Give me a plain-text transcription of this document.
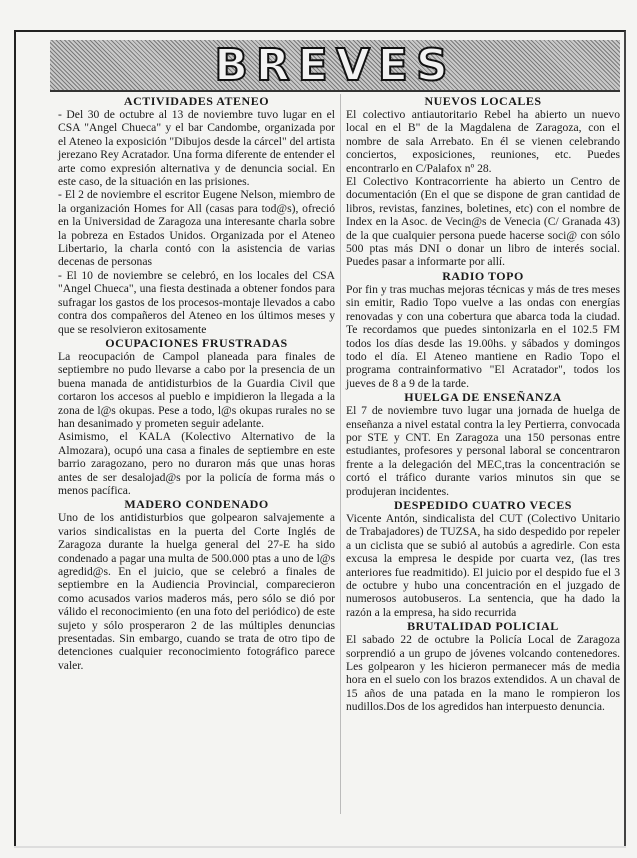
BREVES
ACTIVIDADES ATENEO

- Del 30 de octubre al 13 de noviembre tuvo lugar en el CSA "Angel Chueca" y el bar Candombe, organizada por el Ateneo la exposición "Dibujos desde la cárcel" del artista jerezano Rey Acratador. Una forma diferente de entender el arte como expresión alternativa y de denuncia social. En este caso, de la situación en las prisiones.

- El 2 de noviembre el escritor Eugene Nelson, miembro de la organización Homes for All (casas para tod@s), ofreció en la Universidad de Zaragoza una interesante charla sobre la pobreza en Estados Unidos. Organizada por el Ateneo Libertario, la charla contó con la asistencia de varias decenas de personas

- El 10 de noviembre se celebró, en los locales del CSA "Angel Chueca", una fiesta destinada a obtener fondos para sufragar los gastos de los procesos-montaje llevados a cabo contra dos compañeros del Ateneo en los últimos meses y que se resolvieron exitosamente

OCUPACIONES FRUSTRADAS

La reocupación de Campol planeada para finales de septiembre no pudo llevarse a cabo por la presencia de un buena manada de antidisturbios de la Guardia Civil que cortaron los accesos al pueblo e impidieron la llegada a la zona de l@s okupas. Pese a todo, l@s okupas rurales no se han desanimado y prometen seguir adelante.

Asimismo, el KALA (Kolectivo Alternativo de la Almozara), ocupó una casa a finales de septiembre en este barrio zaragozano, pero no duraron más que unas horas antes de ser desalojad@s por la policía de forma más o menos pacífica.

MADERO CONDENADO

Uno de los antidisturbios que golpearon salvajemente a varios sindicalistas en la puerta del Corte Inglés de Zaragoza durante la huelga general del 27-E ha sido condenado a pagar una multa de 500.000 ptas a uno de l@s agredid@s. En el juicio, que se celebró a finales de septiembre en la Audiencia Provincial, comparecieron como acusados varios maderos más, pero sólo se dió por válido el reconocimiento (en una foto del periódico) de este sujeto y sólo prosperaron 2 de las múltiples denuncias presentadas. Sin embargo, cuando se trata de otro tipo de detenciones cualquier reconocimiento fotográfico parece valer.

NUEVOS LOCALES

El colectivo antiautoritario Rebel ha abierto un nuevo local en el B" de la Magdalena de Zaragoza, con el nombre de sala Arrebato. En él se vienen celebrando conciertos, exposiciones, reuniones, etc. Puedes encontrarlo en C/Palafox nº 28.

El Colectivo Kontracorriente ha abierto un Centro de documentación (En el que se dispone de gran cantidad de libros, revistas, fanzines, boletines, etc) con el nombre de Index en la Asoc. de Vecin@s de Venecia (C/ Granada 43) de la que cualquier persona puede hacerse soci@ con sólo 500 ptas más DNI o donar un libro de interés social. Puedes pasar a informarte por allí.

RADIO TOPO

Por fin y tras muchas mejoras técnicas y más de tres meses sin emitir, Radio Topo vuelve a las ondas con energías renovadas y con una cobertura que abarca toda la ciudad. Te recordamos que puedes sintonizarla en el 102.5 FM todos los días desde las 19.00hs. y sábados y domingos todo el día. El Ateneo mantiene en Radio Topo el programa contrainformativo "El Acratador", todos los jueves de 8 a 9 de la tarde.

HUELGA DE ENSEÑANZA

El 7 de noviembre tuvo lugar una jornada de huelga de enseñanza a nivel estatal contra la ley Pertierra, convocada por STE y CNT. En Zaragoza una 150 personas entre estudiantes, profesores y personal laboral se concentraron frente a la delegación del MEC,tras la concentración se cortó el tráfico durante varios minutos sin que se produjeran incidentes.

DESPEDIDO CUATRO VECES

Vicente Antón, sindicalista del CUT (Colectivo Unitario de Trabajadores) de TUZSA, ha sido despedido por repeler a un ciclista que se subió al autobús a agredirle. Con esta excusa la empresa le despide por cuarta vez, (las tres anteriores fue readmitido). El juicio por el despido fue el 3 de octubre y hubo una concentración en el juzgado de numerosos autobuseros. La sentencia, que ha dado la razón a la empresa, ha sido recurrida

BRUTALIDAD POLICIAL

El sabado 22 de octubre la Policía Local de Zaragoza sorprendió a un grupo de jóvenes volcando contenedores. Les golpearon y les hicieron permanecer más de media hora en el suelo con los brazos extendidos. A un chaval de 15 años de una patada en la mano le rompieron los nudillos.Dos de los agredidos han interpuesto denuncia.
